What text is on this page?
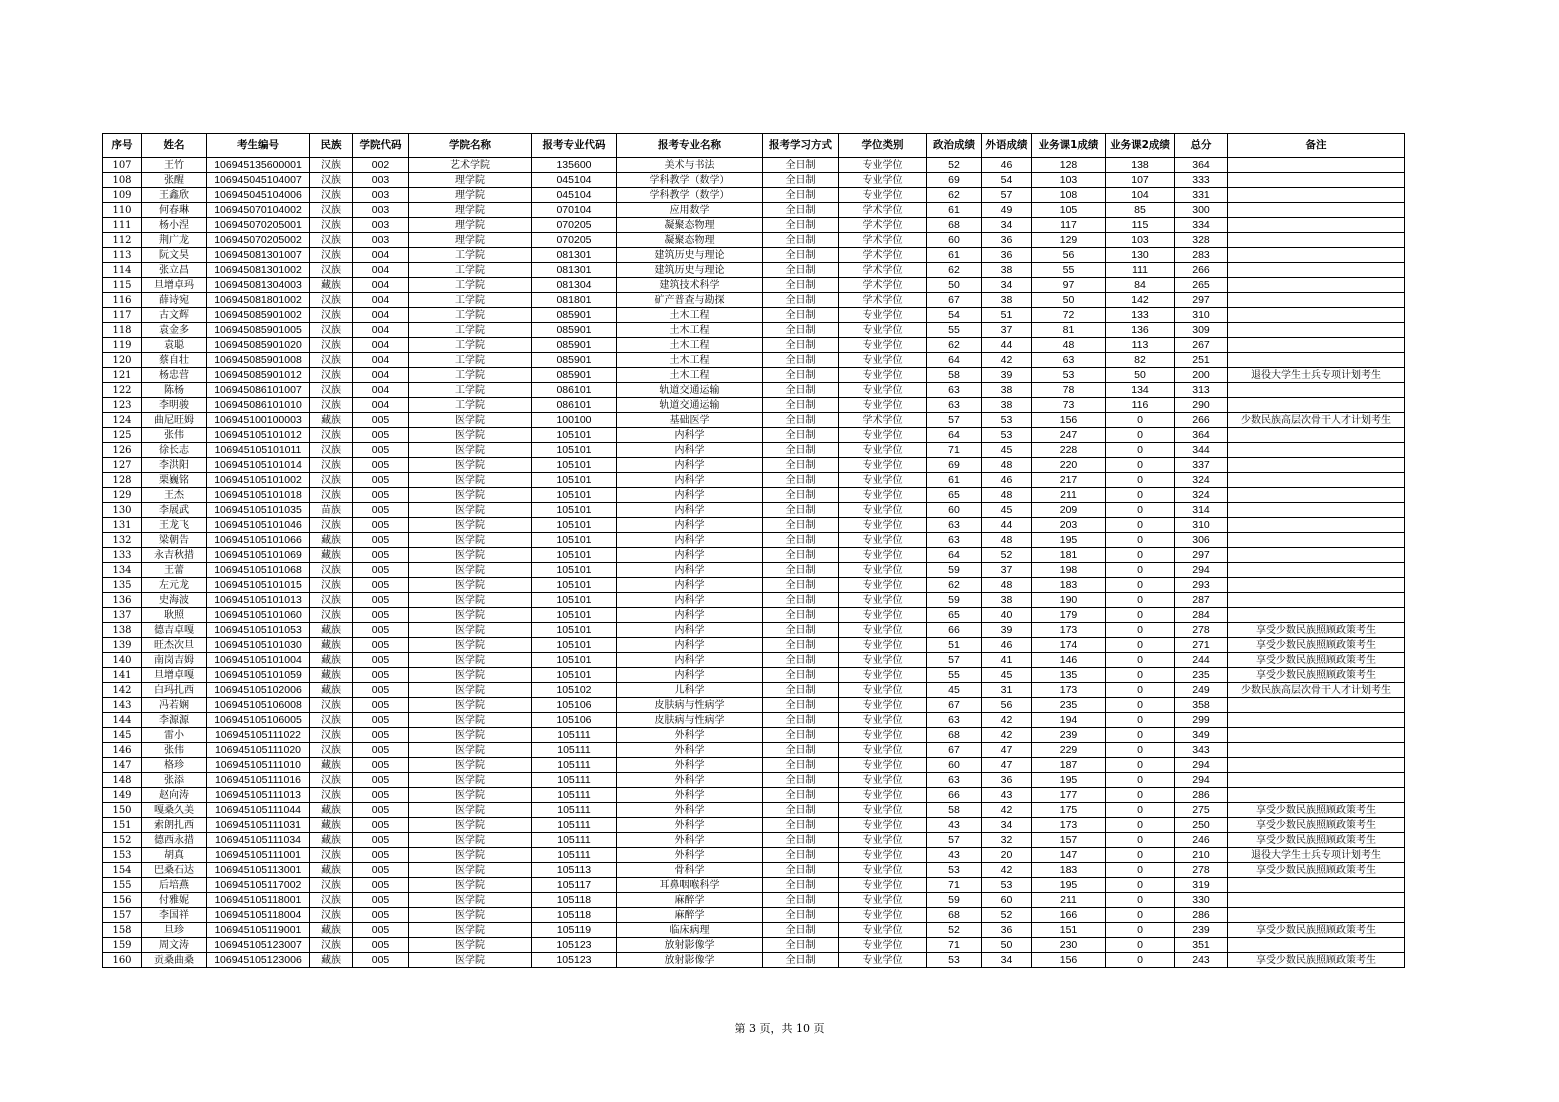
序号	姓名	考生编号	民族	学院代码	学院名称	报考专业代码	报考专业名称	报考学习方式	学位类别	政治成绩	外语成绩	业务课1成绩	业务课2成绩	总分	备注
107	王竹	106945135600001	汉族	002	艺术学院	135600	美术与书法	全日制	专业学位	52	46	128	138	364	
108	张醒	106945045104007	汉族	003	理学院	045104	学科教学（数学）	全日制	专业学位	69	54	103	107	333	
109	王鑫欣	106945045104006	汉族	003	理学院	045104	学科教学（数学）	全日制	专业学位	62	57	108	104	331	
110	何春琳	106945070104002	汉族	003	理学院	070104	应用数学	全日制	学术学位	61	49	105	85	300	
111	杨小涅	106945070205001	汉族	003	理学院	070205	凝聚态物理	全日制	学术学位	68	34	117	115	334	
112	荆广龙	106945070205002	汉族	003	理学院	070205	凝聚态物理	全日制	学术学位	60	36	129	103	328	
113	阮文昊	106945081301007	汉族	004	工学院	081301	建筑历史与理论	全日制	学术学位	61	36	56	130	283	
114	张立昌	106945081301002	汉族	004	工学院	081301	建筑历史与理论	全日制	学术学位	62	38	55	111	266	
115	旦增卓玛	106945081304003	藏族	004	工学院	081304	建筑技术科学	全日制	学术学位	50	34	97	84	265	
116	薛诗宛	106945081801002	汉族	004	工学院	081801	矿产普查与勘探	全日制	学术学位	67	38	50	142	297	
117	古文辉	106945085901002	汉族	004	工学院	085901	土木工程	全日制	专业学位	54	51	72	133	310	
118	袁金多	106945085901005	汉族	004	工学院	085901	土木工程	全日制	专业学位	55	37	81	136	309	
119	袁聪	106945085901020	汉族	004	工学院	085901	土木工程	全日制	专业学位	62	44	48	113	267	
120	蔡自壮	106945085901008	汉族	004	工学院	085901	土木工程	全日制	专业学位	64	42	63	82	251	
121	杨忠营	106945085901012	汉族	004	工学院	085901	土木工程	全日制	专业学位	58	39	53	50	200	退役大学生士兵专项计划考生
122	陈杨	106945086101007	汉族	004	工学院	086101	轨道交通运输	全日制	专业学位	63	38	78	134	313	
123	李明骏	106945086101010	汉族	004	工学院	086101	轨道交通运输	全日制	专业学位	63	38	73	116	290	
124	曲尼旺姆	106945100100003	藏族	005	医学院	100100	基础医学	全日制	学术学位	57	53	156	0	266	少数民族高层次骨干人才计划考生
125	张伟	106945105101012	汉族	005	医学院	105101	内科学	全日制	专业学位	64	53	247	0	364	
126	徐长志	106945105101011	汉族	005	医学院	105101	内科学	全日制	专业学位	71	45	228	0	344	
127	李洪阳	106945105101014	汉族	005	医学院	105101	内科学	全日制	专业学位	69	48	220	0	337	
128	栗巍铭	106945105101002	汉族	005	医学院	105101	内科学	全日制	专业学位	61	46	217	0	324	
129	王杰	106945105101018	汉族	005	医学院	105101	内科学	全日制	专业学位	65	48	211	0	324	
130	李展武	106945105101035	苗族	005	医学院	105101	内科学	全日制	专业学位	60	45	209	0	314	
131	王龙飞	106945105101046	汉族	005	医学院	105101	内科学	全日制	专业学位	63	44	203	0	310	
132	梁朝告	106945105101066	藏族	005	医学院	105101	内科学	全日制	专业学位	63	48	195	0	306	
133	永吉秋措	106945105101069	藏族	005	医学院	105101	内科学	全日制	专业学位	64	52	181	0	297	
134	王蕾	106945105101068	汉族	005	医学院	105101	内科学	全日制	专业学位	59	37	198	0	294	
135	左元龙	106945105101015	汉族	005	医学院	105101	内科学	全日制	专业学位	62	48	183	0	293	
136	史海波	106945105101013	汉族	005	医学院	105101	内科学	全日制	专业学位	59	38	190	0	287	
137	耿照	106945105101060	汉族	005	医学院	105101	内科学	全日制	专业学位	65	40	179	0	284	
138	德吉卓嘎	106945105101053	藏族	005	医学院	105101	内科学	全日制	专业学位	66	39	173	0	278	享受少数民族照顾政策考生
139	旺杰次旦	106945105101030	藏族	005	医学院	105101	内科学	全日制	专业学位	51	46	174	0	271	享受少数民族照顾政策考生
140	南岗吉姆	106945105101004	藏族	005	医学院	105101	内科学	全日制	专业学位	57	41	146	0	244	享受少数民族照顾政策考生
141	旦增卓嘎	106945105101059	藏族	005	医学院	105101	内科学	全日制	专业学位	55	45	135	0	235	享受少数民族照顾政策考生
142	白玛扎西	106945105102006	藏族	005	医学院	105102	儿科学	全日制	专业学位	45	31	173	0	249	少数民族高层次骨干人才计划考生
143	冯若娴	106945105106008	汉族	005	医学院	105106	皮肤病与性病学	全日制	专业学位	67	56	235	0	358	
144	李源源	106945105106005	汉族	005	医学院	105106	皮肤病与性病学	全日制	专业学位	63	42	194	0	299	
145	雷小	106945105111022	汉族	005	医学院	105111	外科学	全日制	专业学位	68	42	239	0	349	
146	张伟	106945105111020	汉族	005	医学院	105111	外科学	全日制	专业学位	67	47	229	0	343	
147	格珍	106945105111010	藏族	005	医学院	105111	外科学	全日制	专业学位	60	47	187	0	294	
148	张添	106945105111016	汉族	005	医学院	105111	外科学	全日制	专业学位	63	36	195	0	294	
149	赵向涛	106945105111013	汉族	005	医学院	105111	外科学	全日制	专业学位	66	43	177	0	286	
150	嘎桑久美	106945105111044	藏族	005	医学院	105111	外科学	全日制	专业学位	58	42	175	0	275	享受少数民族照顾政策考生
151	索朗扎西	106945105111031	藏族	005	医学院	105111	外科学	全日制	专业学位	43	34	173	0	250	享受少数民族照顾政策考生
152	德西永措	106945105111034	藏族	005	医学院	105111	外科学	全日制	专业学位	57	32	157	0	246	享受少数民族照顾政策考生
153	胡真	106945105111001	汉族	005	医学院	105111	外科学	全日制	专业学位	43	20	147	0	210	退役大学生士兵专项计划考生
154	巴桑石达	106945105113001	藏族	005	医学院	105113	骨科学	全日制	专业学位	53	42	183	0	278	享受少数民族照顾政策考生
155	后培燕	106945105117002	汉族	005	医学院	105117	耳鼻咽喉科学	全日制	专业学位	71	53	195	0	319	
156	付雅妮	106945105118001	汉族	005	医学院	105118	麻醉学	全日制	专业学位	59	60	211	0	330	
157	李国祥	106945105118004	汉族	005	医学院	105118	麻醉学	全日制	专业学位	68	52	166	0	286	
158	旦珍	106945105119001	藏族	005	医学院	105119	临床病理	全日制	专业学位	52	36	151	0	239	享受少数民族照顾政策考生
159	周文涛	106945105123007	汉族	005	医学院	105123	放射影像学	全日制	专业学位	71	50	230	0	351	
160	贡桑曲桑	106945105123006	藏族	005	医学院	105123	放射影像学	全日制	专业学位	53	34	156	0	243	享受少数民族照顾政策考生
第 3 页，共 10 页
